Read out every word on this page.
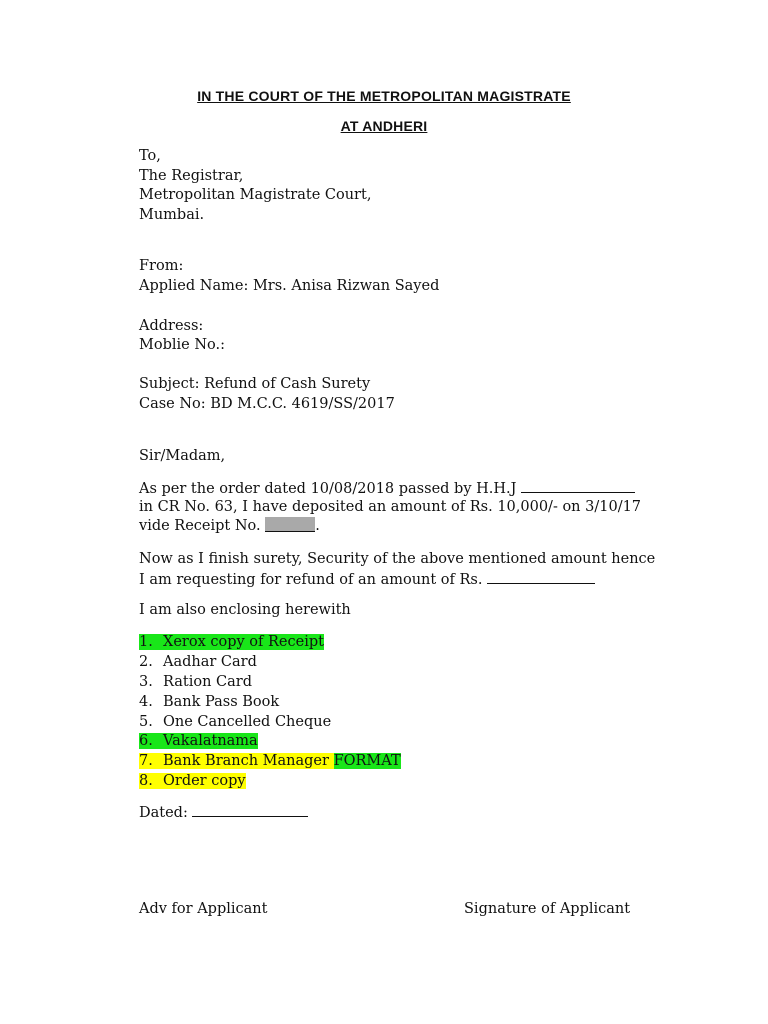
IN THE COURT OF THE METROPOLITAN MAGISTRATE
AT ANDHERI
To,
The Registrar,
Metropolitan Magistrate Court,
Mumbai.
From:
Applied Name: Mrs. Anisa Rizwan Sayed
Address:
Moblie No.:
Subject: Refund of Cash Surety
Case No: BD M.C.C. 4619/SS/2017
Sir/Madam,
As per the order dated 10/08/2018 passed by H.H.J
in CR No. 63, I have deposited an amount of Rs. 10,000/- on 3/10/17
vide Receipt No.	.
Now as I finish surety, Security of the above mentioned amount hence
I am requesting for refund of an amount of Rs.
I am also enclosing herewith
1. Xerox copy of Receipt
2. Aadhar Card
3. Ration Card
4. Bank Pass Book
5. One Cancelled Cheque
6. Vakalatnama
7. Bank Branch Manager FORMAT
8. Order copy
Dated:
Adv for Applicant	Signature of Applicant
